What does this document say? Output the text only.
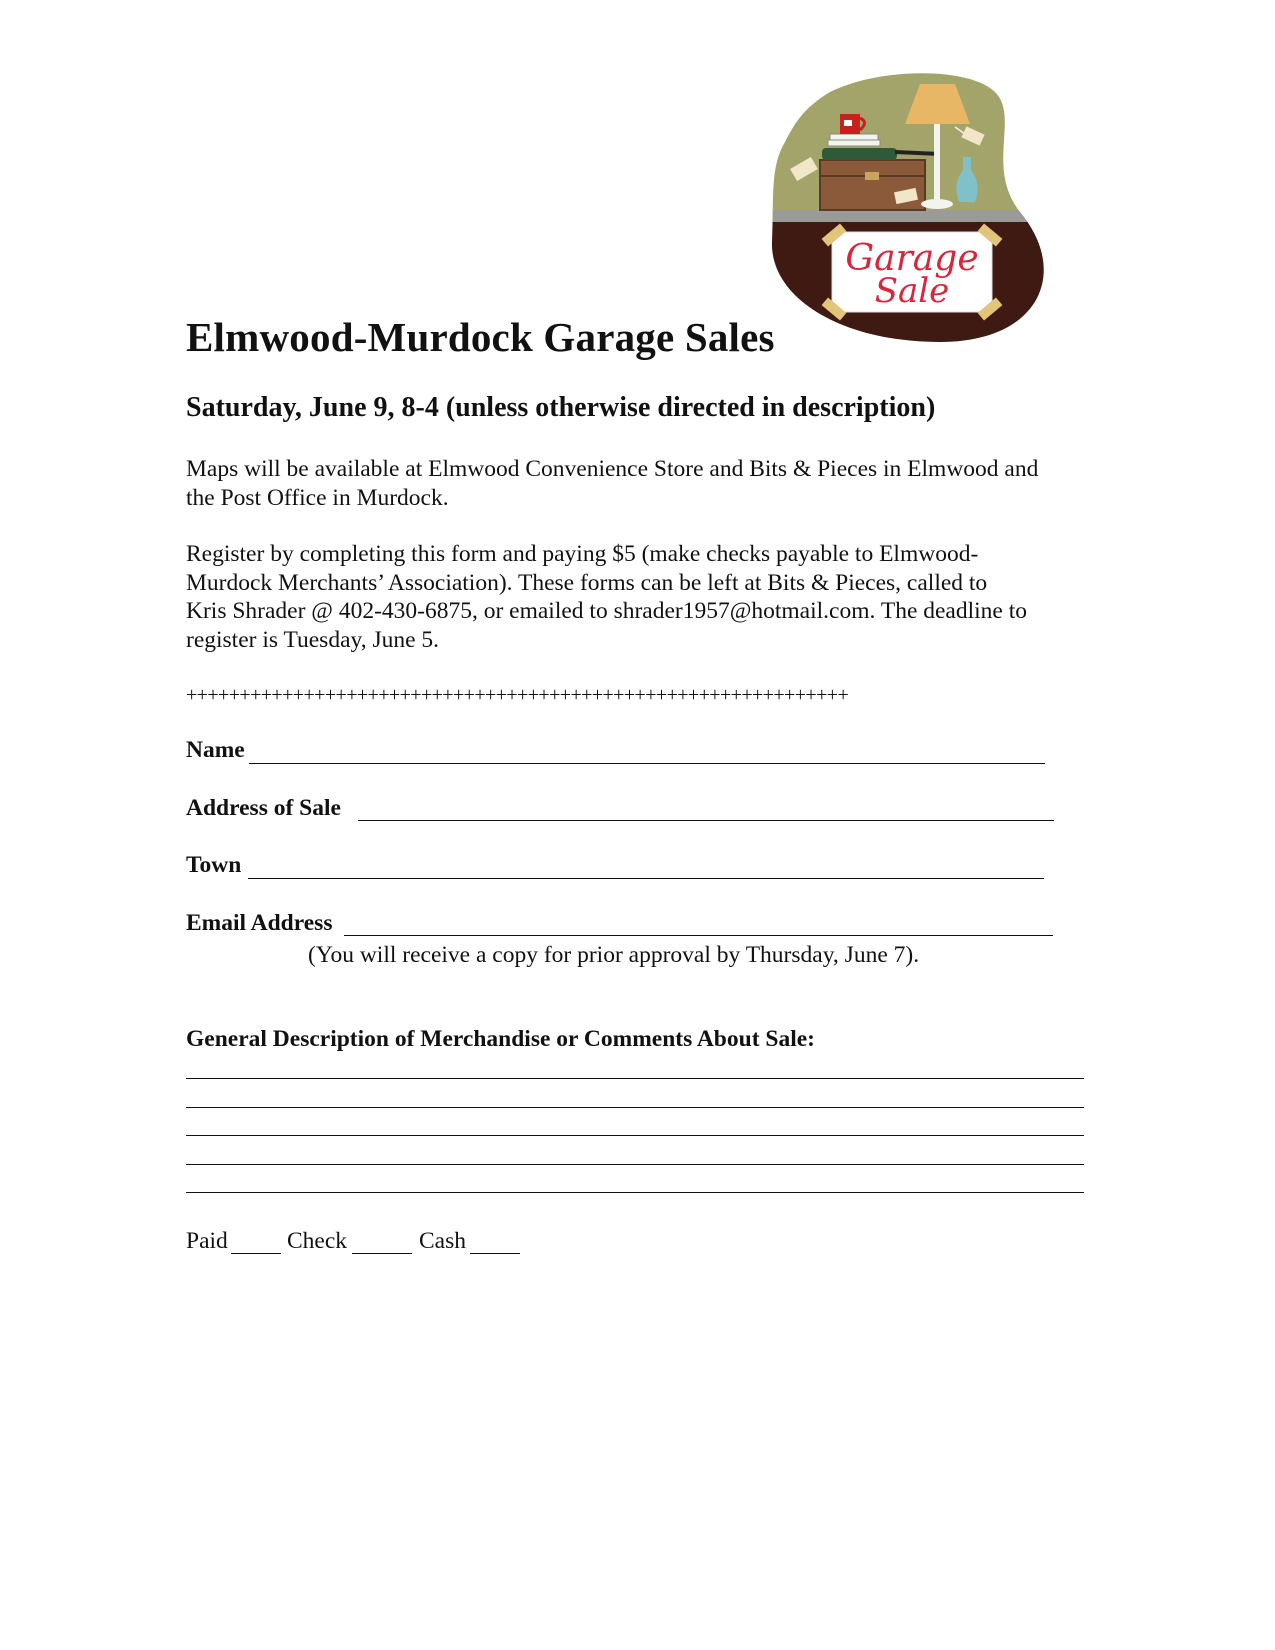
Garage
Sale
Elmwood-Murdock Garage Sales
Saturday, June 9, 8-4 (unless otherwise directed in description)
Maps will be available at Elmwood Convenience Store and Bits & Pieces in Elmwood and
the Post Office in Murdock.
Register by completing this form and paying $5 (make checks payable to Elmwood-
Murdock Merchants’ Association). These forms can be left at Bits & Pieces, called to
Kris Shrader @ 402-430-6875, or emailed to shrader1957@hotmail.com. The deadline to
register is Tuesday, June 5.
++++++++++++++++++++++++++++++++++++++++++++++++++++++++++++++
Name
Address of Sale
Town
Email Address
(You will receive a copy for prior approval by Thursday, June 7).
General Description of Merchandise or Comments About Sale:
Paid	Check	Cash
